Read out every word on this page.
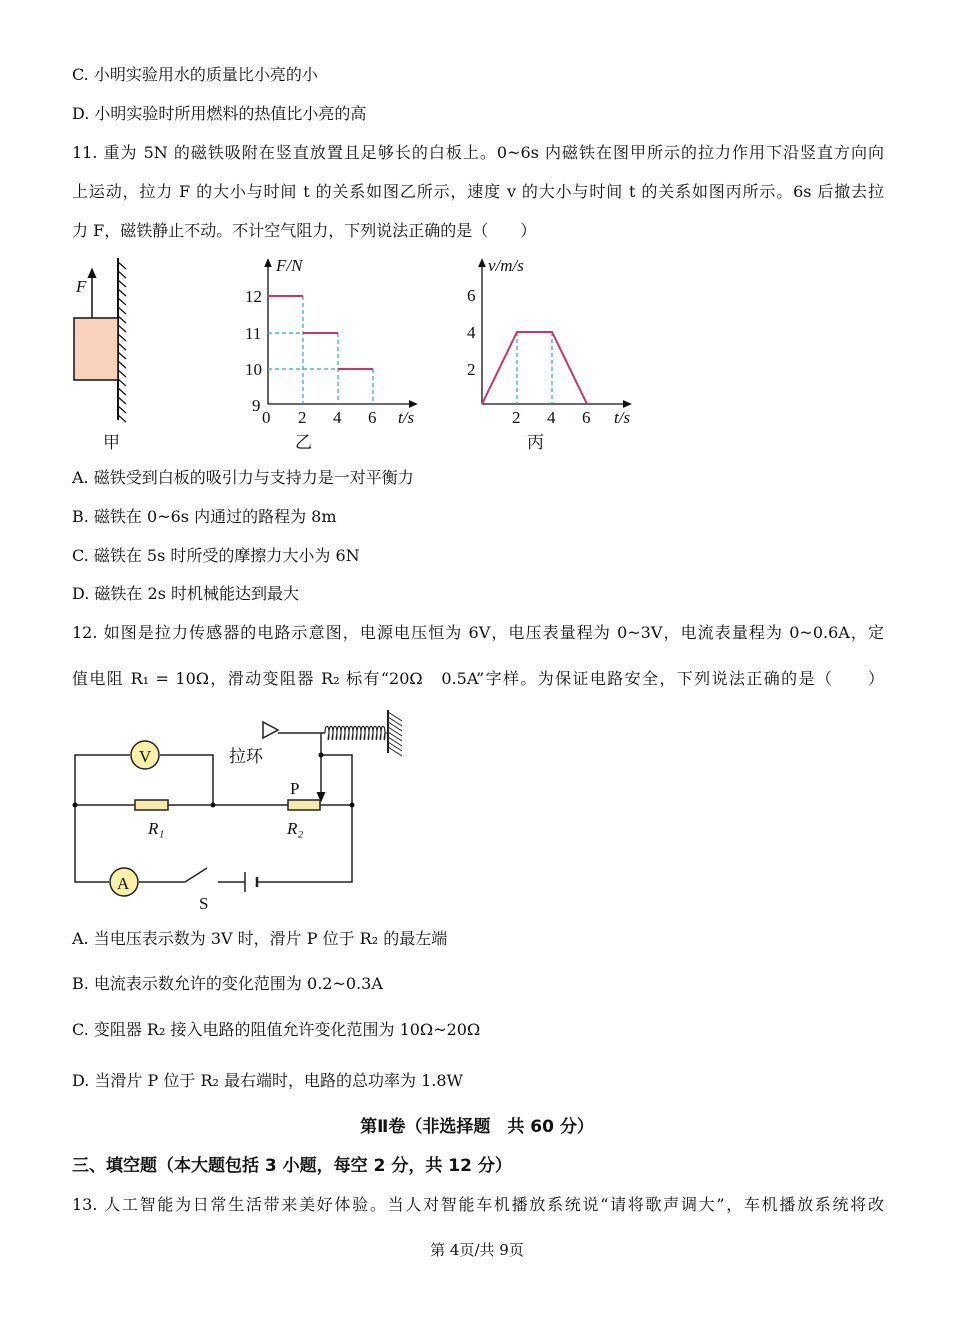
C. 小明实验用水的质量比小亮的小
D. 小明实验时所用燃料的热值比小亮的高
11. 重为 5N 的磁铁吸附在竖直放置且足够长的白板上。0~6s 内磁铁在图甲所示的拉力作用下沿竖直方向向
上运动，拉力 F 的大小与时间 t 的关系如图乙所示，速度 v 的大小与时间 t 的关系如图丙所示。6s 后撤去拉
力 F，磁铁静止不动。不计空气阻力，下列说法正确的是（　　）
F
甲
F/N
12
11
10
9
0 2 4 6 t/s
乙
v/m/s
6
4
2
2 4 6 t/s
丙
V
A
拉环
P
R₁	R₂
S
A. 磁铁受到白板的吸引力与支持力是一对平衡力
B. 磁铁在 0~6s 内通过的路程为 8m
C. 磁铁在 5s 时所受的摩擦力大小为 6N
D. 磁铁在 2s 时机械能达到最大
12. 如图是拉力传感器的电路示意图，电源电压恒为 6V，电压表量程为 0~3V，电流表量程为 0~0.6A，定
值电阻 R₁ = 10Ω，滑动变阻器 R₂ 标有“20Ω　0.5A”字样。为保证电路安全，下列说法正确的是（　　）
A. 当电压表示数为 3V 时，滑片 P 位于 R₂ 的最左端
B. 电流表示数允许的变化范围为 0.2~0.3A
C. 变阻器 R₂ 接入电路的阻值允许变化范围为 10Ω~20Ω
D. 当滑片 P 位于 R₂ 最右端时，电路的总功率为 1.8W
第Ⅱ卷（非选择题　共 60 分）
三、填空题（本大题包括 3 小题，每空 2 分，共 12 分）
13. 人工智能为日常生活带来美好体验。当人对智能车机播放系统说“请将歌声调大”，车机播放系统将改
第 4页/共 9页
